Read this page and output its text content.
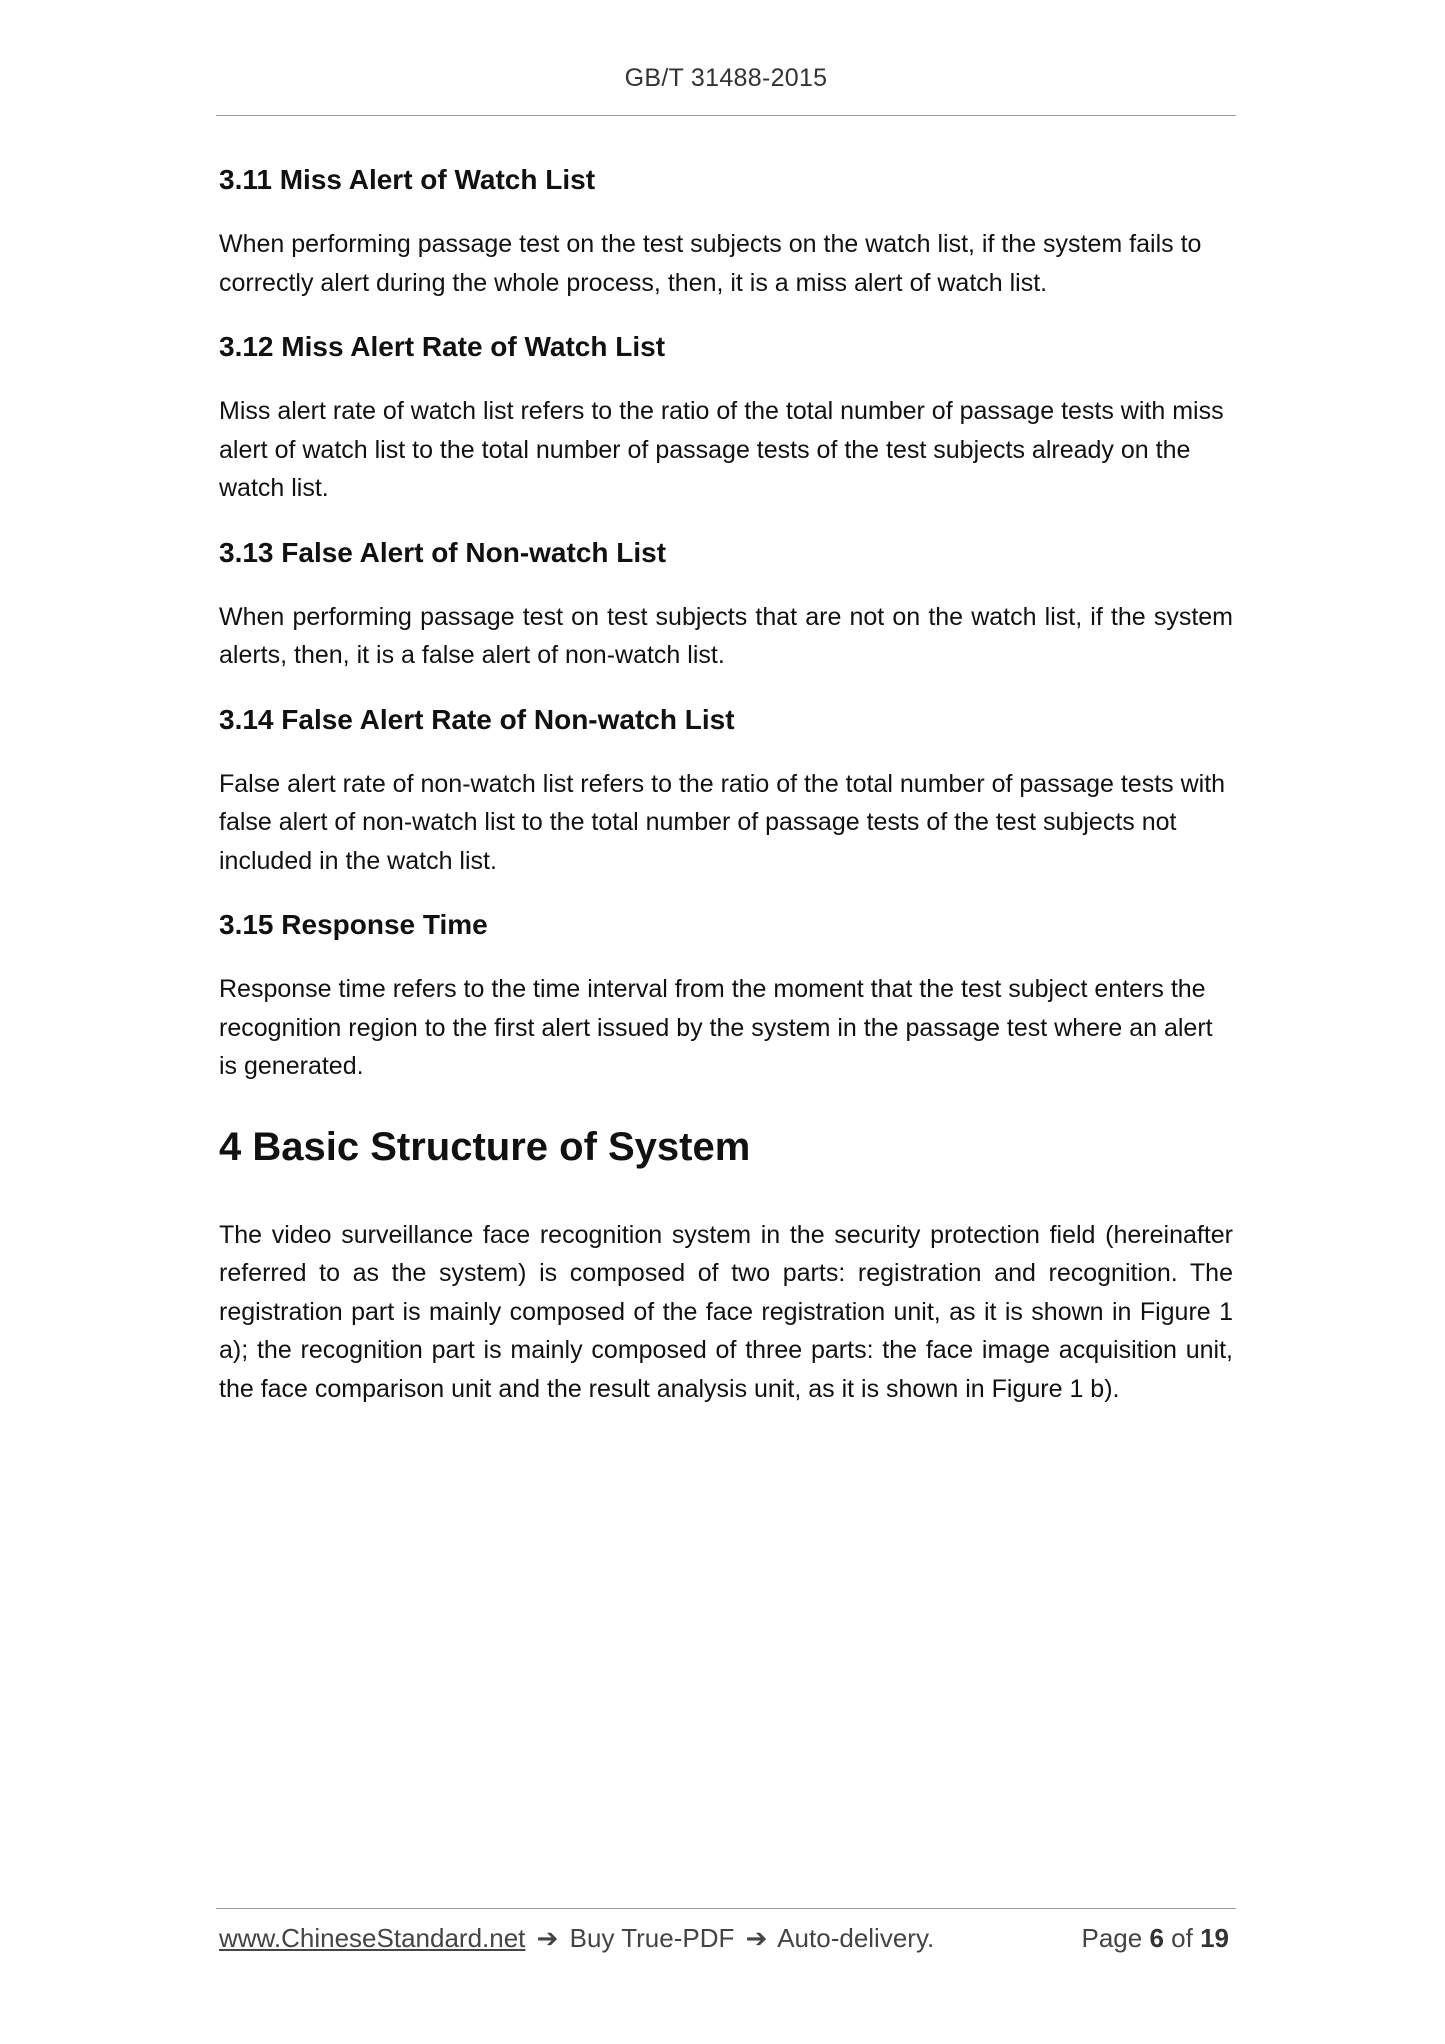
GB/T 31488-2015
3.11 Miss Alert of Watch List

When performing passage test on the test subjects on the watch list, if the system fails to correctly alert during the whole process, then, it is a miss alert of watch list.

3.12 Miss Alert Rate of Watch List

Miss alert rate of watch list refers to the ratio of the total number of passage tests with miss alert of watch list to the total number of passage tests of the test subjects already on the watch list.

3.13 False Alert of Non-watch List

When performing passage test on test subjects that are not on the watch list, if the system alerts, then, it is a false alert of non-watch list.

3.14 False Alert Rate of Non-watch List

False alert rate of non-watch list refers to the ratio of the total number of passage tests with false alert of non-watch list to the total number of passage tests of the test subjects not included in the watch list.

3.15 Response Time

Response time refers to the time interval from the moment that the test subject enters the recognition region to the first alert issued by the system in the passage test where an alert is generated.

4 Basic Structure of System

The video surveillance face recognition system in the security protection field (hereinafter referred to as the system) is composed of two parts: registration and recognition. The registration part is mainly composed of the face registration unit, as it is shown in Figure 1 a); the recognition part is mainly composed of three parts: the face image acquisition unit, the face comparison unit and the result analysis unit, as it is shown in Figure 1 b).

www.ChineseStandard.net ➔ Buy True-PDF ➔ Auto-delivery.	Page 6 of 19
